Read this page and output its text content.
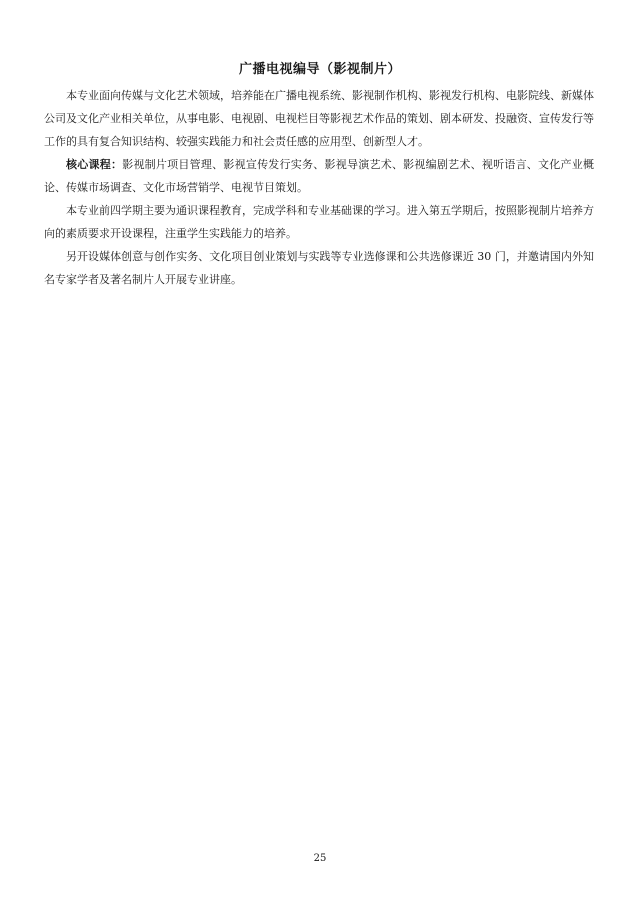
广播电视编导（影视制片）

本专业面向传媒与文化艺术领域，培养能在广播电视系统、影视制作机构、影视发行机构、电影院线、新媒体公司及文化产业相关单位，从事电影、电视剧、电视栏目等影视艺术作品的策划、剧本研发、投融资、宣传发行等工作的具有复合知识结构、较强实践能力和社会责任感的应用型、创新型人才。

核心课程：影视制片项目管理、影视宣传发行实务、影视导演艺术、影视编剧艺术、视听语言、文化产业概论、传媒市场调查、文化市场营销学、电视节目策划。

本专业前四学期主要为通识课程教育，完成学科和专业基础课的学习。进入第五学期后，按照影视制片培养方向的素质要求开设课程，注重学生实践能力的培养。

另开设媒体创意与创作实务、文化项目创业策划与实践等专业选修课和公共选修课近 30 门，并邀请国内外知名专家学者及著名制片人开展专业讲座。

25
